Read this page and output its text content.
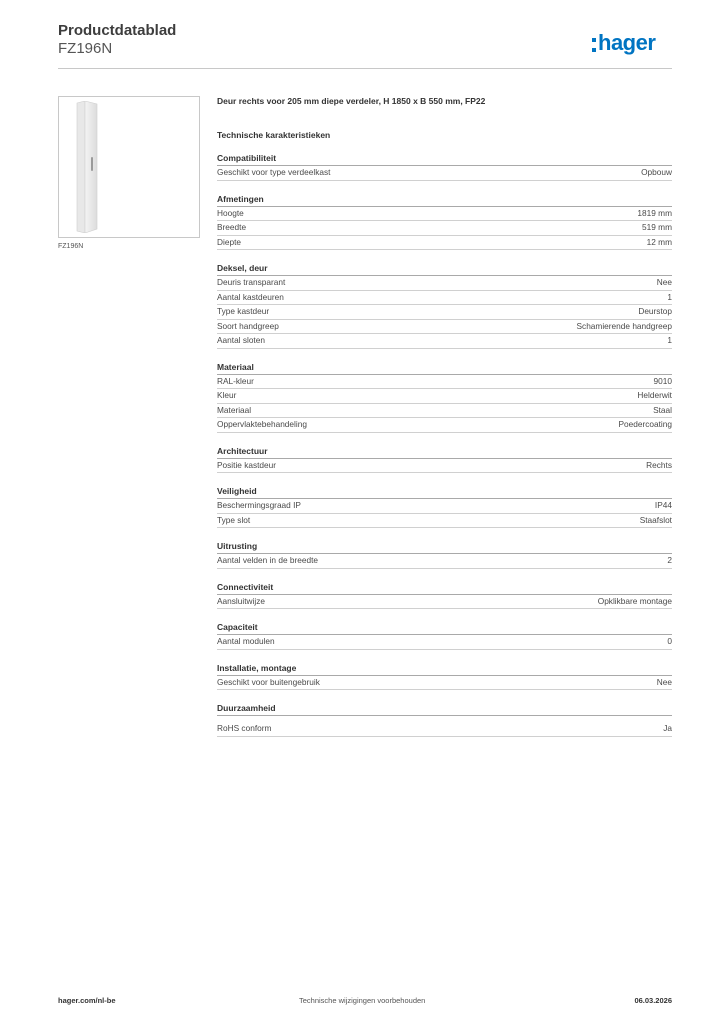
Productdatablad
FZ196N	hager
FZ196N
Deur rechts voor 205 mm diepe verdeler, H 1850 x B 550 mm, FP22
Technische karakteristieken
Compatibiliteit
Geschikt voor type verdeelkast	Opbouw
Afmetingen
Hoogte	1819 mm
Breedte	519 mm
Diepte	12 mm
Deksel, deur
Deuris transparant	Nee
Aantal kastdeuren	1
Type kastdeur	Deurstop
Soort handgreep	Schamierende handgreep
Aantal sloten	1
Materiaal
RAL-kleur	9010
Kleur	Helderwit
Materiaal	Staal
Oppervlaktebehandeling	Poedercoating
Architectuur
Positie kastdeur	Rechts
Veiligheid
Beschermingsgraad IP	IP44
Type slot	Staafslot
Uitrusting
Aantal velden in de breedte	2
Connectiviteit
Aansluitwijze	Opklikbare montage
Capaciteit
Aantal modulen	0
Installatie, montage
Geschikt voor buitengebruik	Nee
Duurzaamheid
RoHS conform	Ja
hager.com/nl-be	Technische wijzigingen voorbehouden	06.03.2026
